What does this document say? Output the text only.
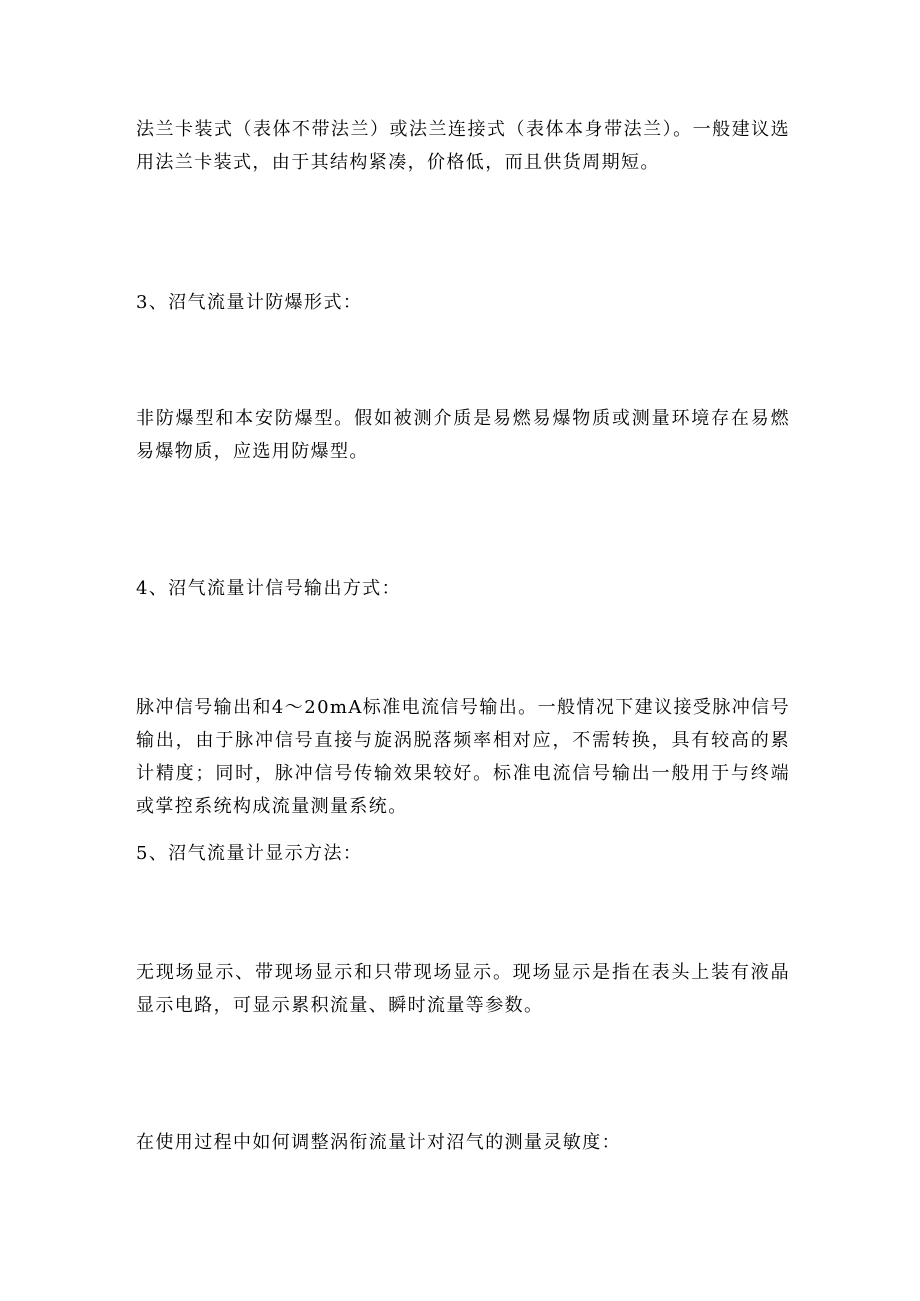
法兰卡装式（表体不带法兰）或法兰连接式（表体本身带法兰）。一般建议选用法兰卡装式，由于其结构紧凑，价格低，而且供货周期短。

3、沼气流量计防爆形式：

非防爆型和本安防爆型。假如被测介质是易燃易爆物质或测量环境存在易燃易爆物质，应选用防爆型。

4、沼气流量计信号输出方式：

脉冲信号输出和4～20mA标准电流信号输出。一般情况下建议接受脉冲信号输出，由于脉冲信号直接与旋涡脱落频率相对应，不需转换，具有较高的累计精度；同时，脉冲信号传输效果较好。标准电流信号输出一般用于与终端或掌控系统构成流量测量系统。

5、沼气流量计显示方法：

无现场显示、带现场显示和只带现场显示。现场显示是指在表头上装有液晶显示电路，可显示累积流量、瞬时流量等参数。

在使用过程中如何调整涡衔流量计对沼气的测量灵敏度：
